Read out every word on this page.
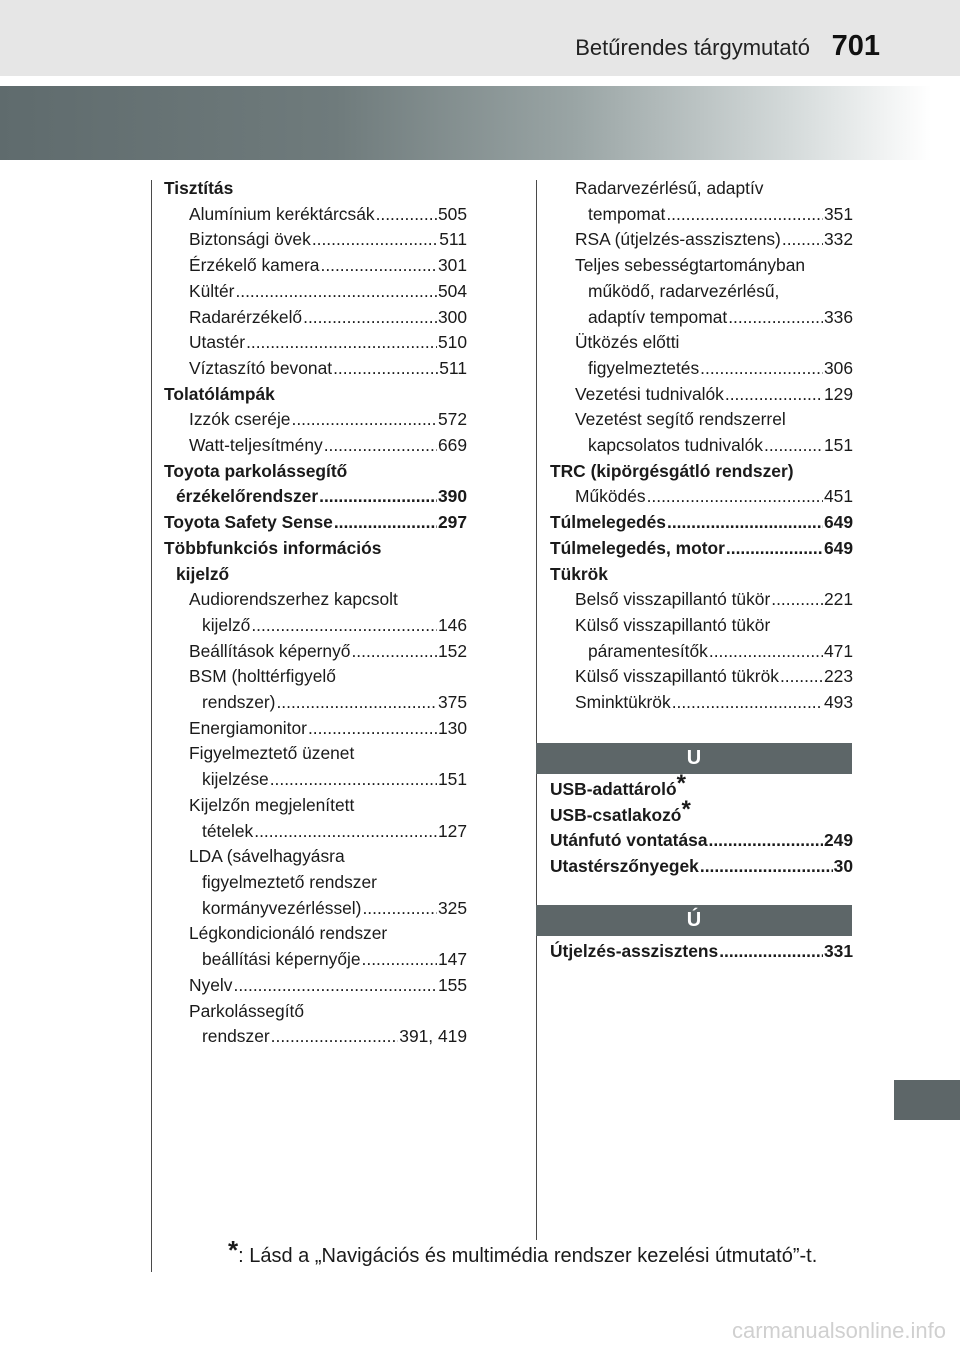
Betűrendes tárgymutató 701
Tisztítás
Alumínium keréktárcsák .....	505
Biztonsági övek .....	511
Érzékelő kamera .....	301
Kültér .....	504
Radarérzékelő .....	300
Utastér .....	510
Víztaszító bevonat .....	511
Tolatólámpák
Izzók cseréje .....	572
Watt-teljesítmény .....	669
Toyota parkolássegítő
érzékelőrendszer .....	390
Toyota Safety Sense .....	297
Többfunkciós információs
kijelző
Audiorendszerhez kapcsolt
kijelző .....	146
Beállítások képernyő .....	152
BSM (holttérfigyelő
rendszer) .....	375
Energiamonitor .....	130
Figyelmeztető üzenet
kijelzése .....	151
Kijelzőn megjelenített
tételek .....	127
LDA (sávelhagyásra
figyelmeztető rendszer
kormányvezérléssel) .....	325
Légkondicionáló rendszer
beállítási képernyője .....	147
Nyelv .....	155
Parkolássegítő
rendszer .....	391, 419
Radarvezérlésű, adaptív
tempomat .....	351
RSA (útjelzés-asszisztens) ..... 332
Teljes sebességtartományban
működő, radarvezérlésű,
adaptív tempomat .....	336
Ütközés előtti
figyelmeztetés .....	306
Vezetési tudnivalók .....	129
Vezetést segítő rendszerrel
kapcsolatos tudnivalók .....	151
TRC (kipörgésgátló rendszer)
Működés .....	451
Túlmelegedés .....	649
Túlmelegedés, motor .....	649
Tükrök
Belső visszapillantó tükör .....	221
Külső visszapillantó tükör
páramentesítők .....	471
Külső visszapillantó tükrök .....	223
Sminktükrök .....	493
U
USB-adattároló*
USB-csatlakozó*
Utánfutó vontatása .....	249
Utastérszőnyegek .....	30
Ú
Útjelzés-asszisztens .....	331
*: Lásd a „Navigációs és multimédia rendszer kezelési útmutató”-t.
carmanualsonline.info
